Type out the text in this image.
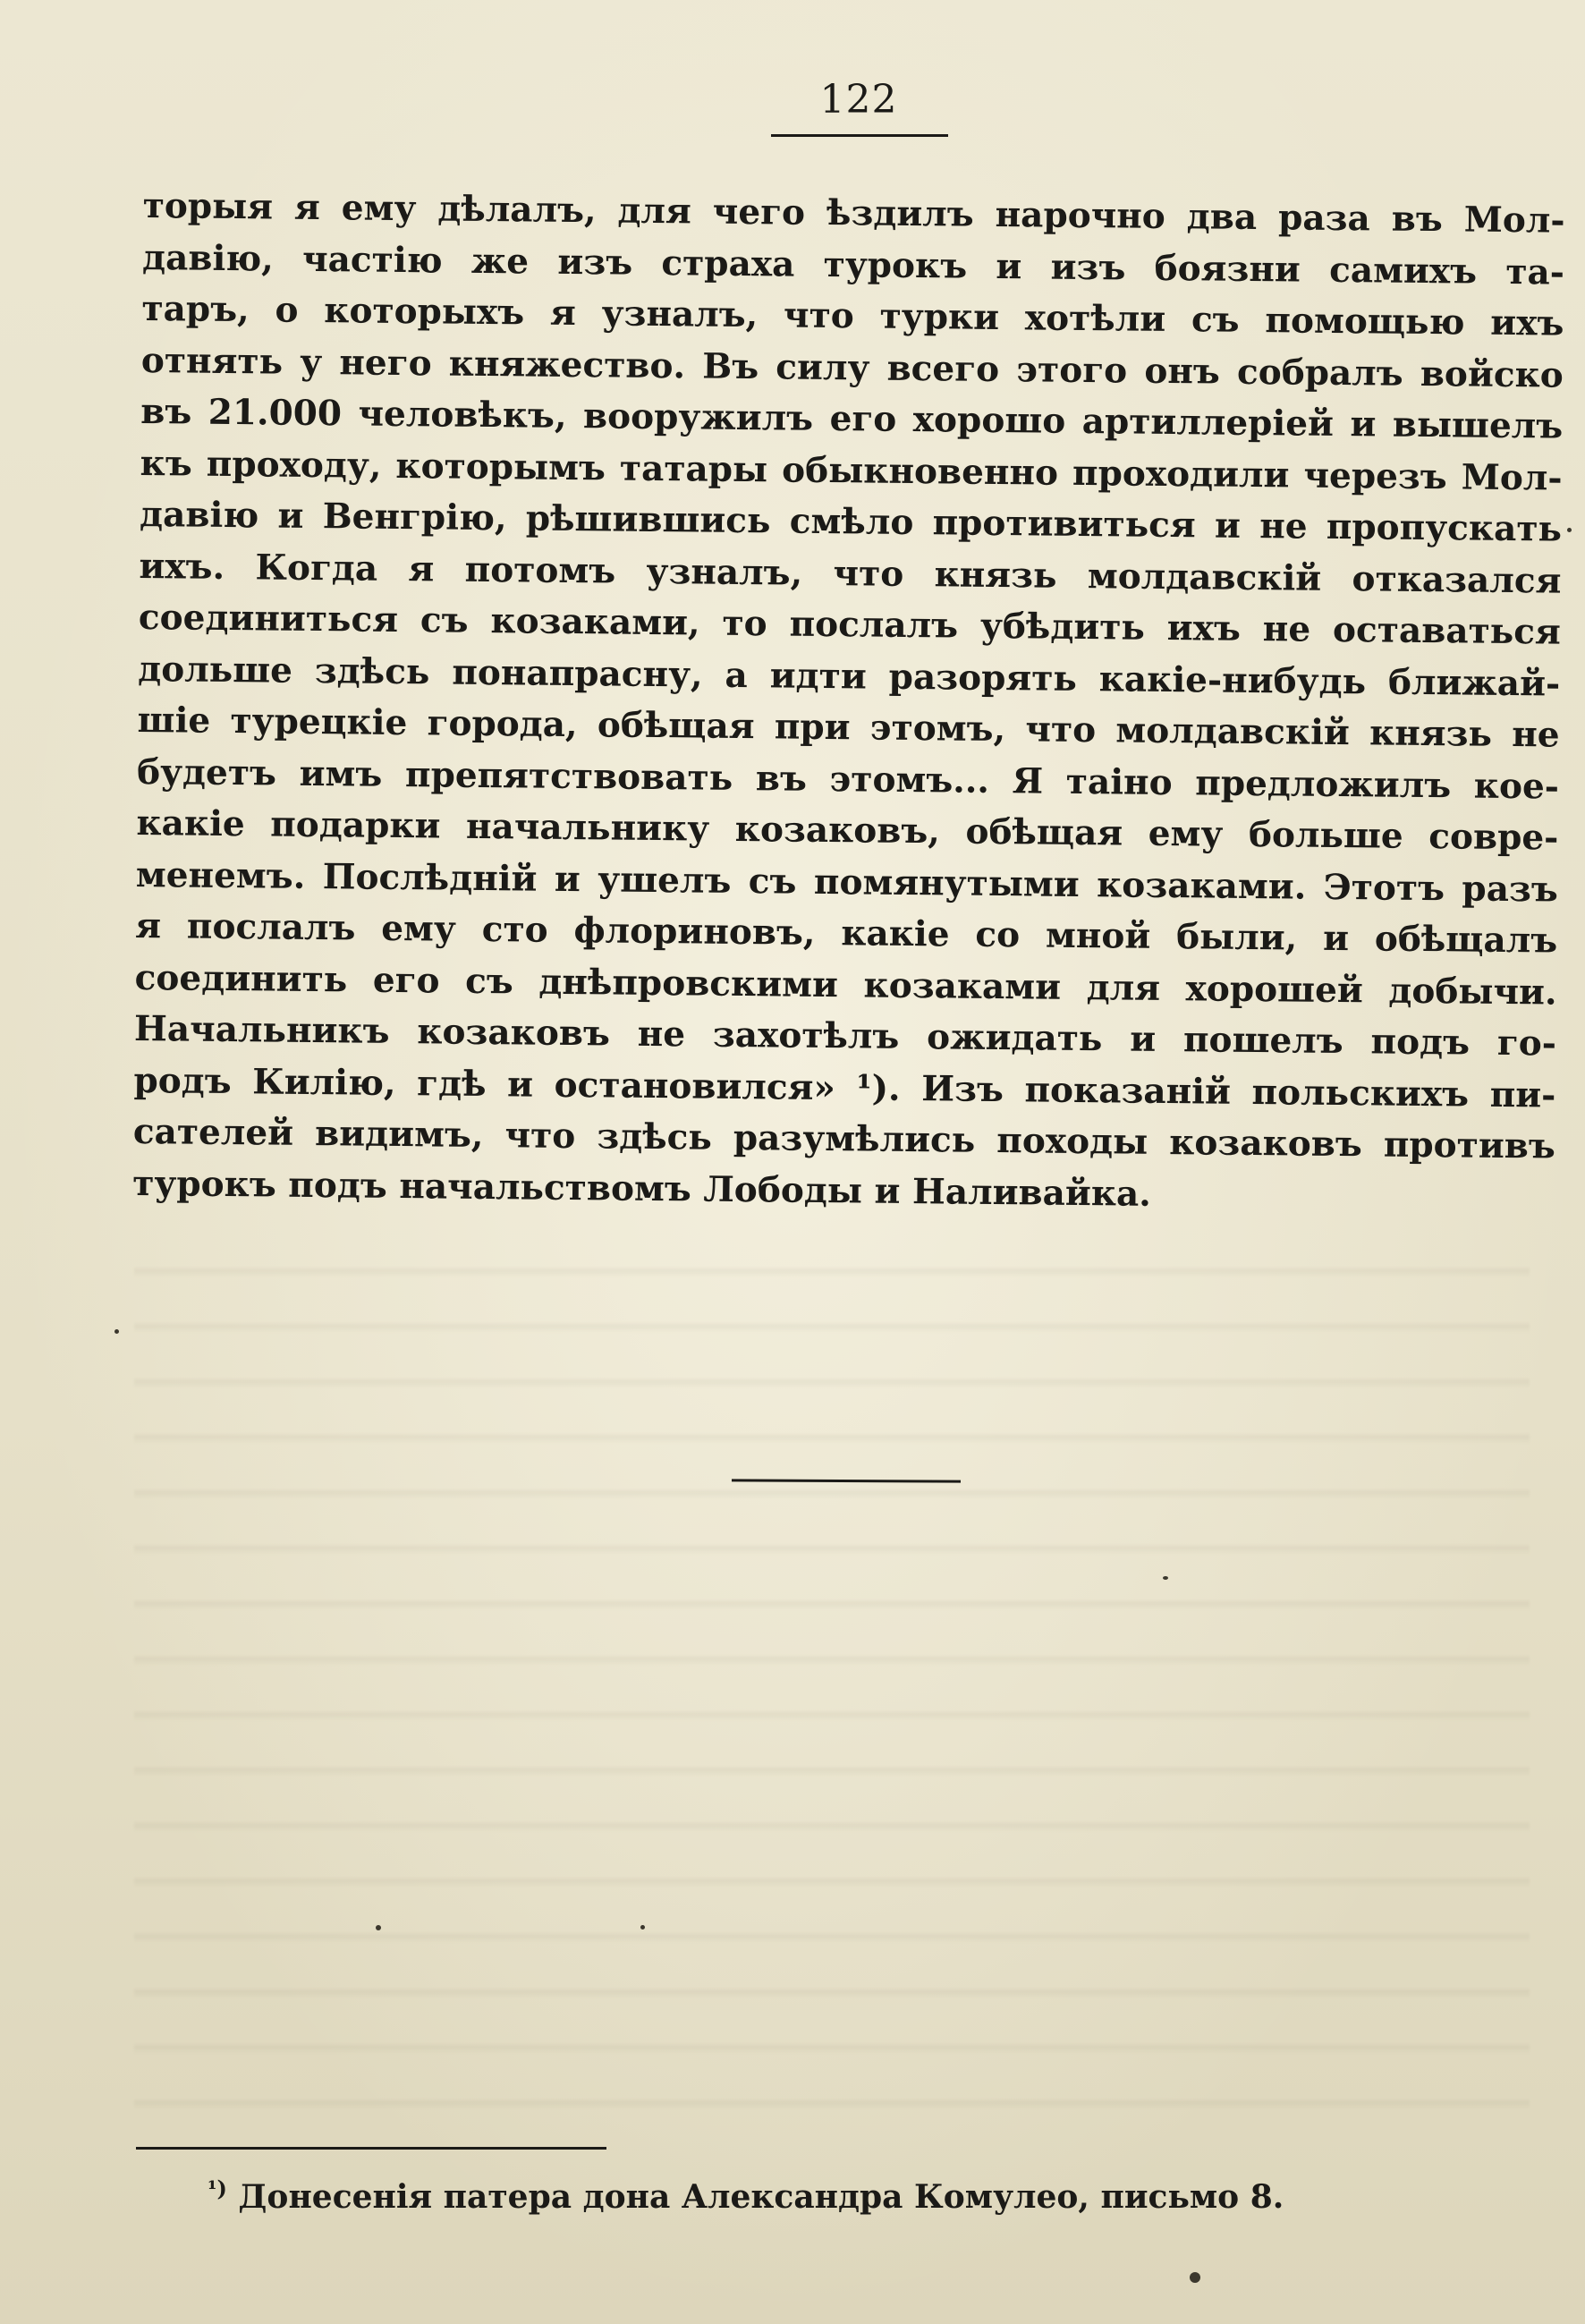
122
торыя я ему дѣлалъ, для чего ѣздилъ нарочно два раза въ Мол-
давію, частію же изъ страха турокъ и изъ боязни самихъ та-
таръ, о которыхъ я узналъ, что турки хотѣли съ помощью ихъ
отнять у него княжество. Въ силу всего этого онъ собралъ войско
въ 21.000 человѣкъ, вооружилъ его хорошо артиллеріей и вышелъ
къ проходу, которымъ татары обыкновенно проходили черезъ Мол-
давію и Венгрію, рѣшившись смѣло противиться и не пропускать
ихъ. Когда я потомъ узналъ, что князь молдавскій отказался
соединиться съ козаками, то послалъ убѣдить ихъ не оставаться
дольше здѣсь понапрасну, а идти разорять какіе-нибудь ближай-
шіе турецкіе города, обѣщая при этомъ, что молдавскій князь не
будетъ имъ препятствовать въ этомъ... Я таіно предложилъ кое-
какіе подарки начальнику козаковъ, обѣщая ему больше совре-
менемъ. Послѣдній и ушелъ съ помянутыми козаками. Этотъ разъ
я послалъ ему сто флориновъ, какіе со мной были, и обѣщалъ
соединить его съ днѣпровскими козаками для хорошей добычи.
Начальникъ козаковъ не захотѣлъ ожидать и пошелъ подъ го-
родъ Килію, гдѣ и остановился» ¹). Изъ показаній польскихъ пи-
сателей видимъ, что здѣсь разумѣлись походы козаковъ противъ
турокъ подъ начальствомъ Лободы и Наливайка.
$^{^1)}$ Донесенія патера дона Александра Комулео, письмо 8.
